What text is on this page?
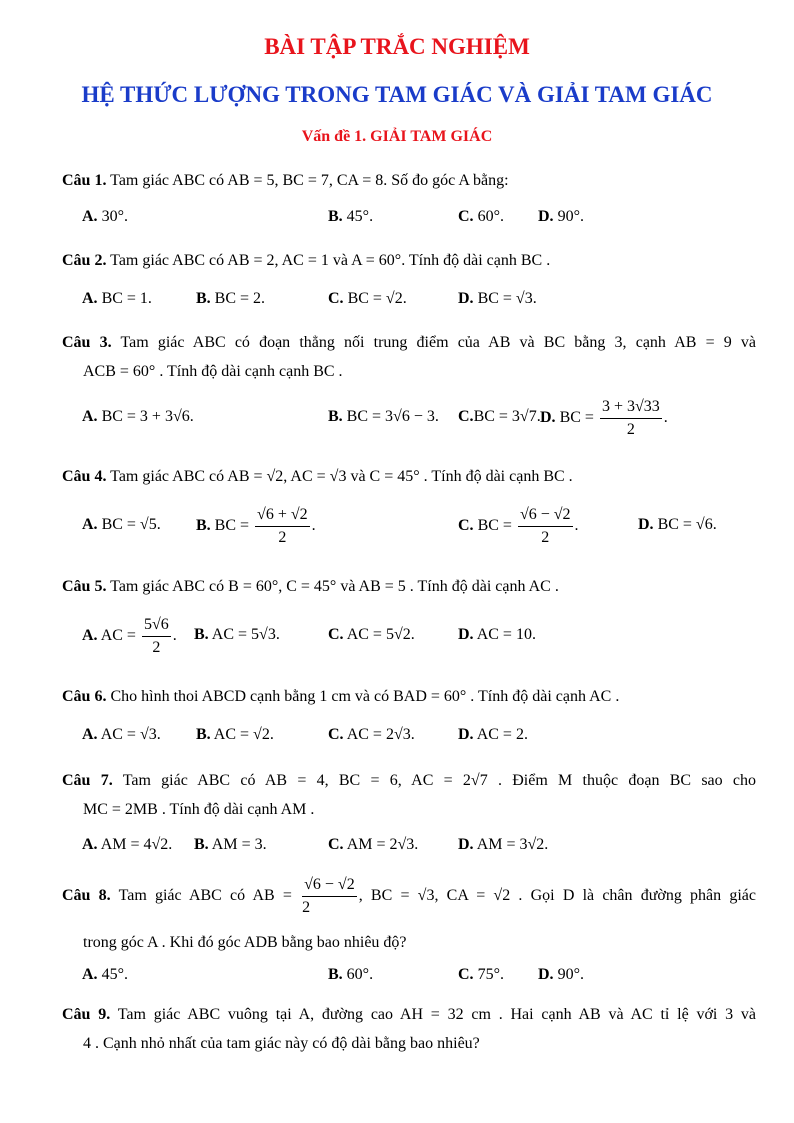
BÀI TẬP TRẮC NGHIỆM
HỆ THỨC LƯỢNG TRONG TAM GIÁC VÀ GIẢI TAM GIÁC
Vấn đề 1. GIẢI TAM GIÁC
Câu 1. Tam giác ABC có AB = 5, BC = 7, CA = 8. Số đo góc A bằng:
A. 30°.	B. 45°.	C. 60°. D. 90°.
Câu 2. Tam giác ABC có AB = 2, AC = 1 và A = 60°. Tính độ dài cạnh BC .
A. BC = 1.	B. BC = 2.	C. BC = √2.	D. BC = √3.
Câu 3. Tam giác ABC có đoạn thẳng nối trung điểm của AB và BC bằng 3, cạnh AB = 9 và
ACB = 60° . Tính độ dài cạnh cạnh BC .
A. BC = 3 + 3√6.	B. BC = 3√6 − 3. C.BC = 3√7. D. BC = $\frac{3 + 3√33}{2}$ .
Câu 4. Tam giác ABC có AB = √2, AC = √3 và C = 45° . Tính độ dài cạnh BC .
A. BC = √5. B. BC = $\frac{√6 + √2}{2}$ .	C. BC = $\frac{√6 - √2}{2}$ .	D. BC = √6.
Câu 5. Tam giác ABC có B = 60°, C = 45° và AB = 5 . Tính độ dài cạnh AC .
A. AC = $\frac{5√6}{2}$ . B. AC = 5√3.	C. AC = 5√2.	D. AC = 10.
Câu 6. Cho hình thoi ABCD cạnh bằng 1 cm và có BAD = 60° . Tính độ dài cạnh AC .
A. AC = √3. B. AC = √2.	C. AC = 2√3.	D. AC = 2.
Câu 7. Tam giác ABC có AB = 4, BC = 6, AC = 2√7 . Điểm M thuộc đoạn BC sao cho
MC = 2MB . Tính độ dài cạnh AM .
A. AM = 4√2. B. AM = 3.	C. AM = 2√3. D. AM = 3√2.
Câu 8. Tam giác ABC có AB = $\frac{√6 - √2}{2}$ , BC = √3, CA = √2 . Gọi D là chân đường phân giác
trong góc A . Khi đó góc ADB bằng bao nhiêu độ?
A. 45°.	B. 60°.	C. 75°. D. 90°.
Câu 9. Tam giác ABC vuông tại A, đường cao AH = 32 cm . Hai cạnh AB và AC tỉ lệ với 3 và
4 . Cạnh nhỏ nhất của tam giác này có độ dài bằng bao nhiêu?
